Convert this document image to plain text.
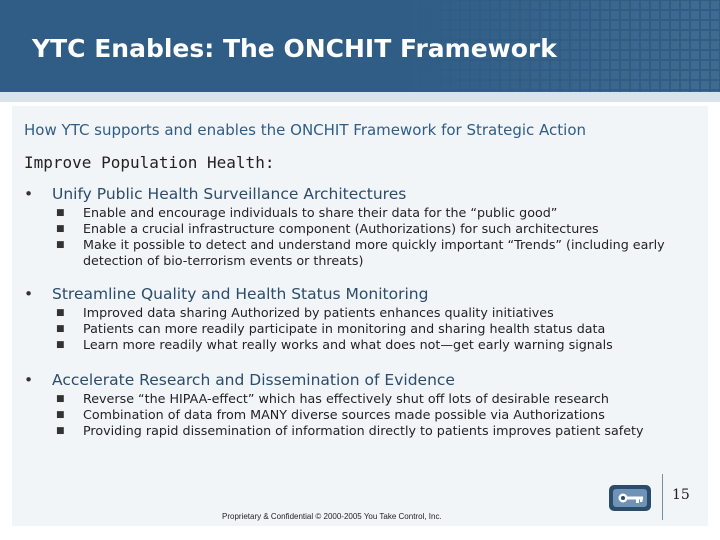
YTC Enables: The ONCHIT Framework

How YTC supports and enables the ONCHIT Framework for Strategic Action

Improve Population Health:

•	Unify Public Health Surveillance Architectures
■	Enable and encourage individuals to share their data for the “public good”
■	Enable a crucial infrastructure component (Authorizations) for such architectures
■	Make it possible to detect and understand more quickly important “Trends” (including early detection of bio-terrorism events or threats)
•	Streamline Quality and Health Status Monitoring
■	Improved data sharing Authorized by patients enhances quality initiatives
■	Patients can more readily participate in monitoring and sharing health status data
■	Learn more readily what really works and what does not—get early warning signals
•	Accelerate Research and Dissemination of Evidence
■	Reverse “the HIPAA-effect” which has effectively shut off lots of desirable research
■	Combination of data from MANY diverse sources made possible via Authorizations
■	Providing rapid dissemination of information directly to patients improves patient safety
15
Proprietary & Confidential © 2000-2005 You Take Control, Inc.
